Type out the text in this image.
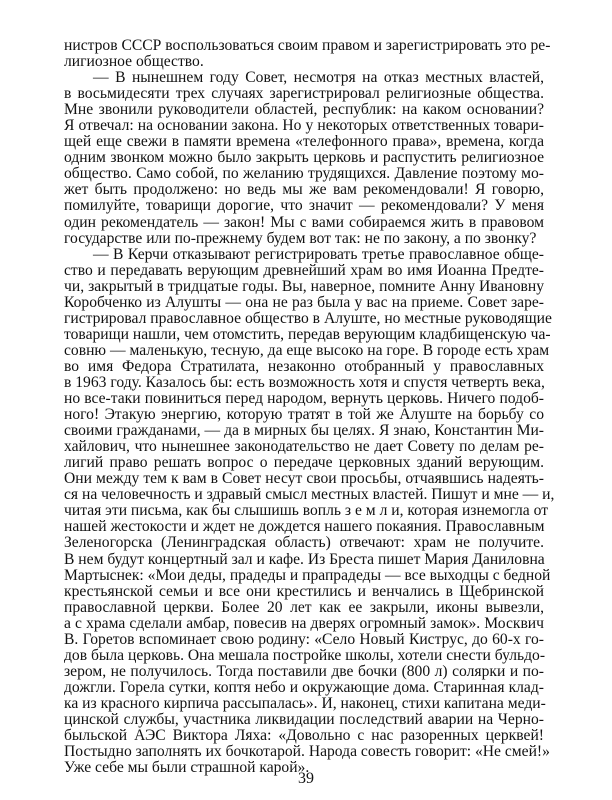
нистров СССР воспользоваться своим правом и зарегистрировать это ре-
лигиозное общество.
— В нынешнем году Совет, несмотря на отказ местных властей,
в восьмидесяти трех случаях зарегистрировал религиозные общества.
Мне звонили руководители областей, республик: на каком основании?
Я отвечал: на основании закона. Но у некоторых ответственных товари-
щей еще свежи в памяти времена «телефонного права», времена, когда
одним звонком можно было закрыть церковь и распустить религиозное
общество. Само собой, по желанию трудящихся. Давление поэтому мо-
жет быть продолжено: но ведь мы же вам рекомендовали! Я говорю,
помилуйте, товарищи дорогие, что значит — рекомендовали? У меня
один рекомендатель — закон! Мы с вами собираемся жить в правовом
государстве или по-прежнему будем вот так: не по закону, а по звонку?
— В Керчи отказывают регистрировать третье православное обще-
ство и передавать верующим древнейший храм во имя Иоанна Предте-
чи, закрытый в тридцатые годы. Вы, наверное, помните Анну Ивановну
Коробченко из Алушты — она не раз была у вас на приеме. Совет заре-
гистрировал православное общество в Алуште, но местные руководящие
товарищи нашли, чем отомстить, передав верующим кладбищенскую ча-
совню — маленькую, тесную, да еще высоко на горе. В городе есть храм
во имя Федора Стратилата, незаконно отобранный у православных
в 1963 году. Казалось бы: есть возможность хотя и спустя четверть века,
но все-таки повиниться перед народом, вернуть церковь. Ничего подоб-
ного! Этакую энергию, которую тратят в той же Алуште на борьбу со
своими гражданами, — да в мирных бы целях. Я знаю, Константин Ми-
хайлович, что нынешнее законодательство не дает Совету по делам ре-
лигий право решать вопрос о передаче церковных зданий верующим.
Они между тем к вам в Совет несут свои просьбы, отчаявшись надеять-
ся на человечность и здравый смысл местных властей. Пишут и мне — и,
читая эти письма, как бы слышишь вопль з е м л и, которая изнемогла от
нашей жестокости и ждет не дождется нашего покаяния. Православным
Зеленогорска (Ленинградская область) отвечают: храм не получите.
В нем будут концертный зал и кафе. Из Бреста пишет Мария Даниловна
Мартыснек: «Мои деды, прадеды и прапрадеды — все выходцы с бедной
крестьянской семьи и все они крестились и венчались в Щебринской
православной церкви. Более 20 лет как ее закрыли, иконы вывезли,
а с храма сделали амбар, повесив на дверях огромный замок». Москвич
В. Горетов вспоминает свою родину: «Село Новый Киструс, до 60-х го-
дов была церковь. Она мешала постройке школы, хотели снести бульдо-
зером, не получилось. Тогда поставили две бочки (800 л) солярки и по-
дожгли. Горела сутки, коптя небо и окружающие дома. Старинная клад-
ка из красного кирпича рассыпалась». И, наконец, стихи капитана меди-
цинской службы, участника ликвидации последствий аварии на Черно-
быльской АЭС Виктора Ляха: «Довольно с нас разоренных церквей!
Постыдно заполнять их бочкотарой. Народа совесть говорит: «Не смей!»
Уже себе мы были страшной карой».
39
